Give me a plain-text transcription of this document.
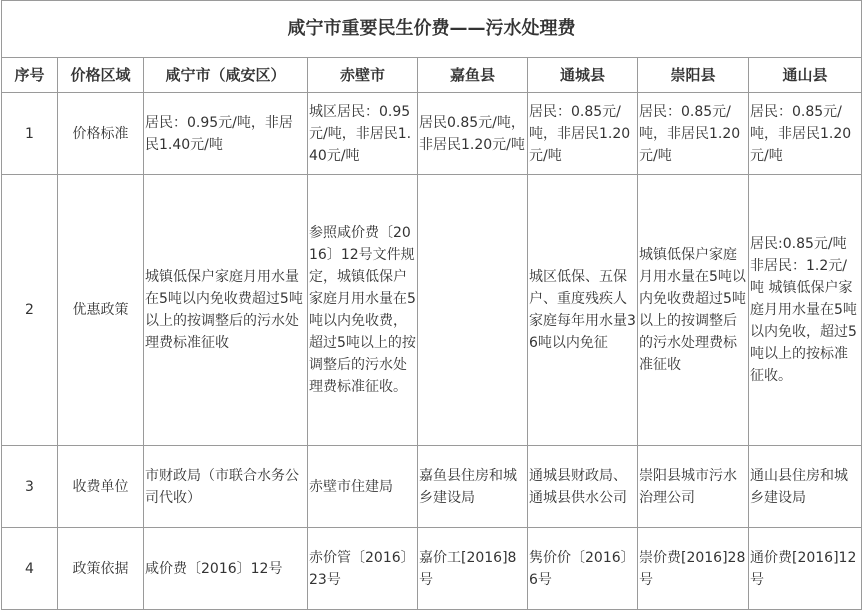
咸宁市重要民生价费——污水处理费							
序号	价格区域	咸宁市（咸安区）	赤壁市	嘉鱼县	通城县	崇阳县	通山县
1	价格标准	居民：0.95元/吨，非居民1.40元/吨	城区居民：0.95元/吨，非居民1.40元/吨	居民0.85元/吨，非居民1.20元/吨	居民：0.85元/吨，非居民1.20元/吨	居民：0.85元/吨，非居民1.20元/吨	居民：0.85元/吨，非居民1.20元/吨
2	优惠政策	城镇低保户家庭月用水量在5吨以内免收费超过5吨以上的按调整后的污水处理费标准征收	参照咸价费〔2016〕12号文件规定，城镇低保户家庭月用水量在5吨以内免收费，超过5吨以上的按调整后的污水处理费标准征收。		城区低保、五保户、重度残疾人家庭每年用水量36吨以内免征	城镇低保户家庭月用水量在5吨以内免收费超过5吨以上的按调整后的污水处理费标准征收	居民:0.85元/吨 非居民：1.2元/吨 城镇低保户家庭月用水量在5吨以内免收，超过5吨以上的按标准征收。
3	收费单位	市财政局（市联合水务公司代收）	赤壁市住建局	嘉鱼县住房和城乡建设局	通城县财政局、通城县供水公司	崇阳县城市污水治理公司	通山县住房和城乡建设局
4	政策依据	咸价费〔2016〕12号	赤价管〔2016〕23号	嘉价工[2016]8号	隽价价〔2016〕6号	崇价费[2016]28号	通价费[2016]12号
